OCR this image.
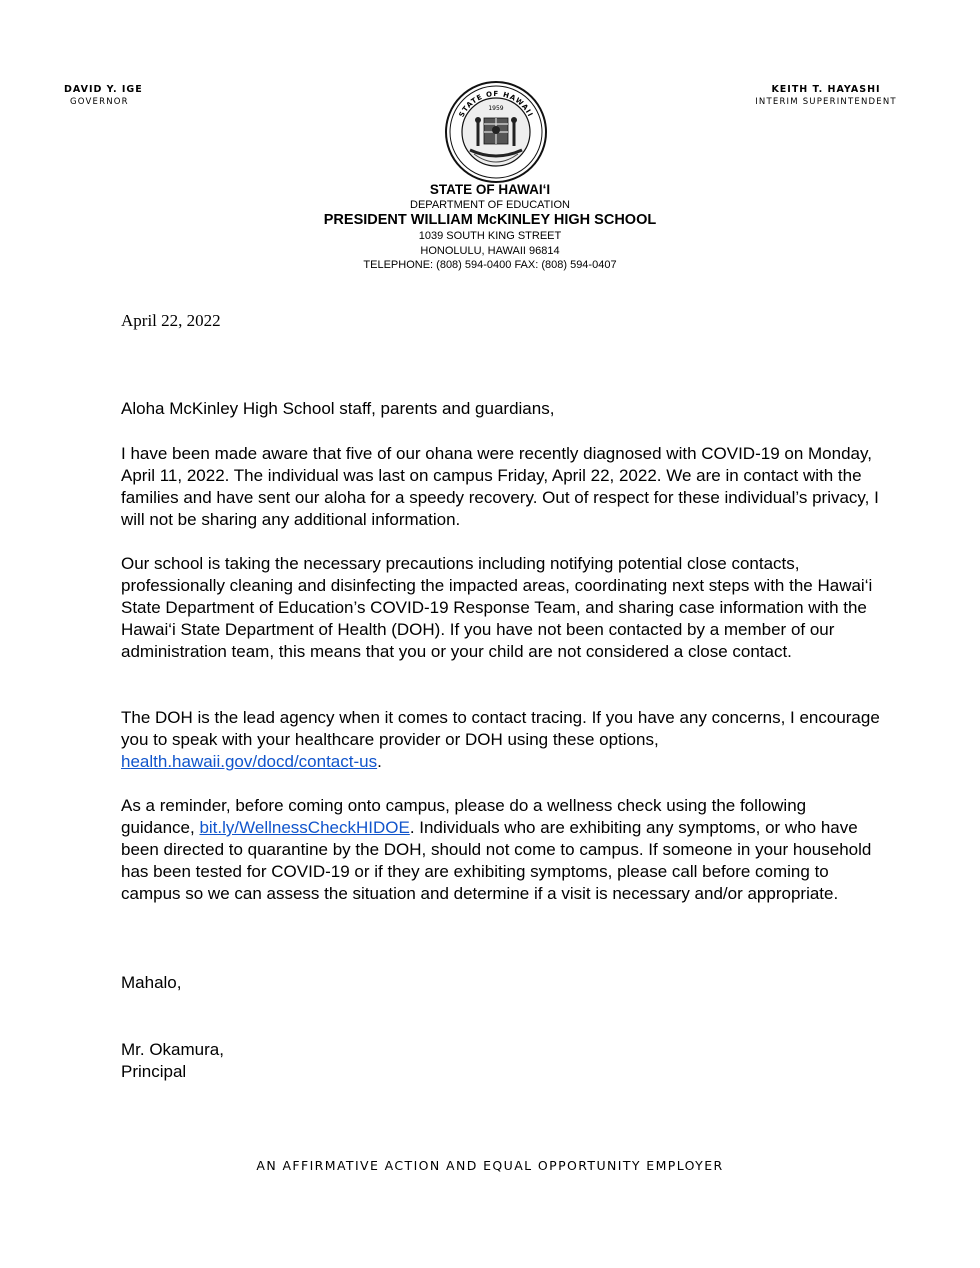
DAVID Y. IGE
GOVERNOR
STATE OF HAWAII
1959
KEITH T. HAYASHI
INTERIM SUPERINTENDENT
STATE OF HAWAI‘I
DEPARTMENT OF EDUCATION
PRESIDENT WILLIAM McKINLEY HIGH SCHOOL
1039 SOUTH KING STREET
HONOLULU, HAWAII 96814
TELEPHONE: (808) 594-0400 FAX: (808) 594-0407
April 22, 2022

Aloha McKinley High School staff, parents and guardians,

I have been made aware that five of our ohana were recently diagnosed with COVID-19 on Monday, April 11, 2022. The individual was last on campus Friday, April 22, 2022. We are in contact with the families and have sent our aloha for a speedy recovery. Out of respect for these individual’s privacy, I will not be sharing any additional information.

Our school is taking the necessary precautions including notifying potential close contacts, professionally cleaning and disinfecting the impacted areas, coordinating next steps with the Hawai‘i State Department of Education’s COVID-19 Response Team, and sharing case information with the Hawai‘i State Department of Health (DOH). If you have not been contacted by a member of our administration team, this means that you or your child are not considered a close contact.

The DOH is the lead agency when it comes to contact tracing. If you have any concerns, I encourage you to speak with your healthcare provider or DOH using these options, health.hawaii.gov/docd/contact-us.

As a reminder, before coming onto campus, please do a wellness check using the following guidance, bit.ly/WellnessCheckHIDOE. Individuals who are exhibiting any symptoms, or who have been directed to quarantine by the DOH, should not come to campus. If someone in your household has been tested for COVID-19 or if they are exhibiting symptoms, please call before coming to campus so we can assess the situation and determine if a visit is necessary and/or appropriate.

Mahalo,

Mr. Okamura,

Principal

AN AFFIRMATIVE ACTION AND EQUAL OPPORTUNITY EMPLOYER
